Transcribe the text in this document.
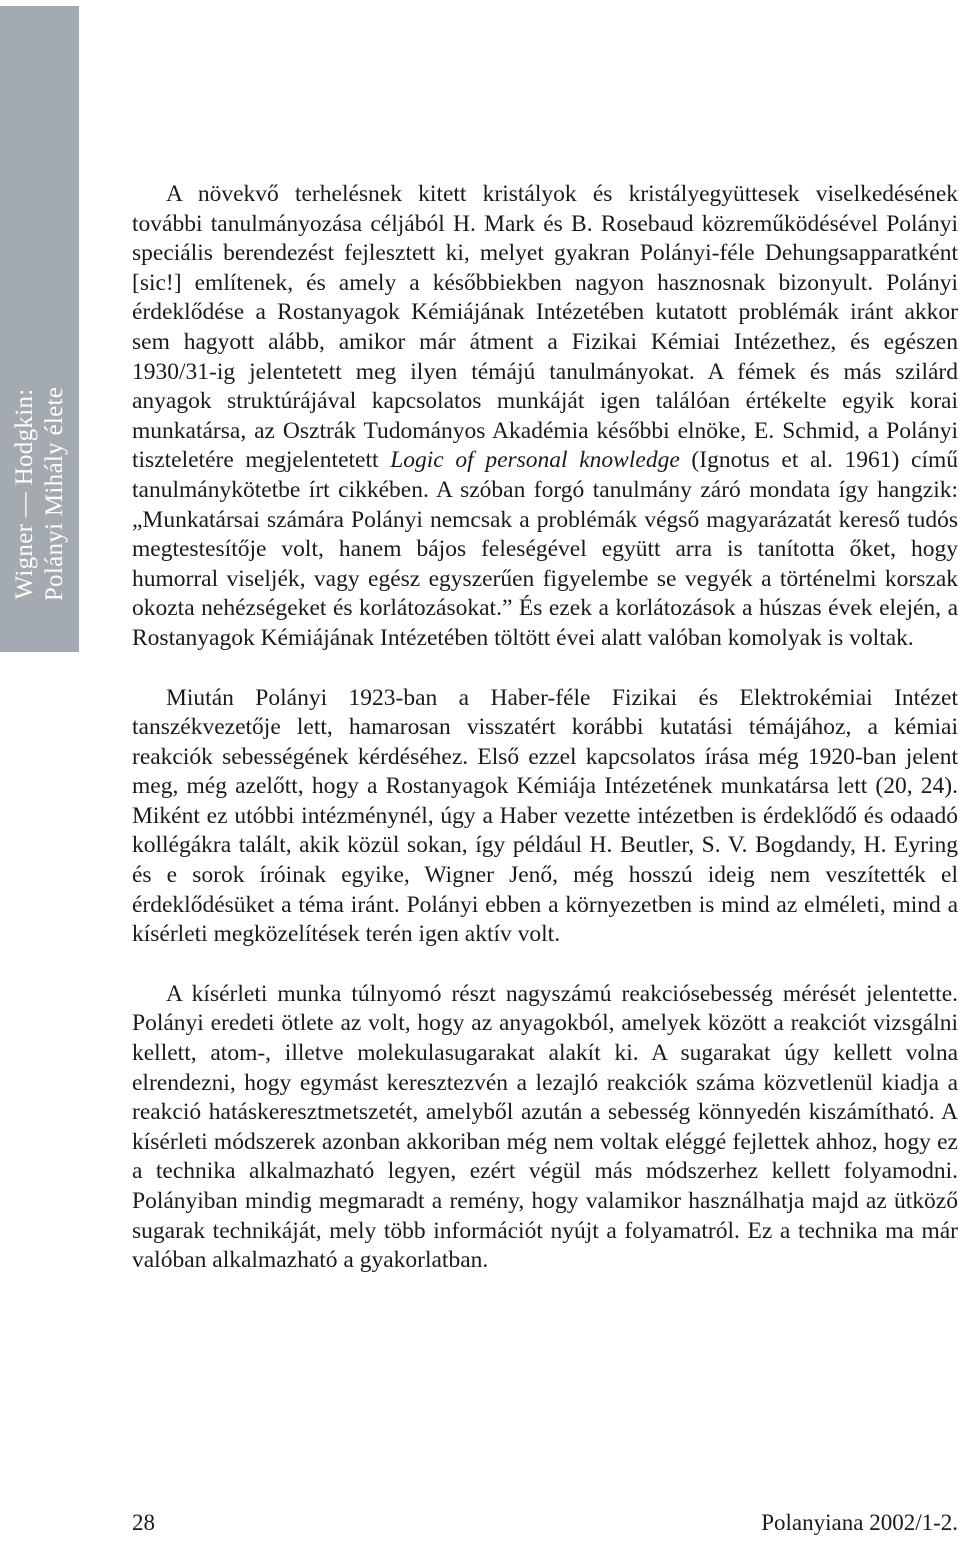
Wigner — Hodgkin: Polányi Mihály élete

A növekvő terhelésnek kitett kristályok és kristályegyüttesek viselkedésének további tanulmányozása céljából H. Mark és B. Rosebaud közreműködésével Polányi speciális berendezést fejlesztett ki, melyet gyakran Polányi-féle Dehungsapparatként [sic!] említenek, és amely a későbbiekben nagyon hasznosnak bizonyult. Polányi érdeklődése a Rostanyagok Kémiájának Intézetében kutatott problémák iránt akkor sem hagyott alább, amikor már átment a Fizikai Kémiai Intézethez, és egészen 1930/31-ig jelentetett meg ilyen témájú tanulmányokat. A fémek és más szilárd anyagok struktúrájával kapcsolatos munkáját igen találóan értékelte egyik korai munkatársa, az Osztrák Tudományos Akadémia későbbi elnöke, E. Schmid, a Polányi tiszteletére megjelentetett Logic of personal knowledge (Ignotus et al. 1961) című tanulmánykötetbe írt cikkében. A szóban forgó tanulmány záró mondata így hangzik: „Munkatársai számára Polányi nemcsak a problémák végső magyarázatát kereső tudós megtestesítője volt, hanem bájos feleségével együtt arra is tanította őket, hogy humorral viseljék, vagy egész egyszerűen figyelembe se vegyék a történelmi korszak okozta nehézségeket és korlátozásokat.” És ezek a korlátozások a húszas évek elején, a Rostanyagok Kémiájának Intézetében töltött évei alatt valóban komolyak is voltak.

Miután Polányi 1923-ban a Haber-féle Fizikai és Elektrokémiai Intézet tanszékvezetője lett, hamarosan visszatért korábbi kutatási témájához, a kémiai reakciók sebességének kérdéséhez. Első ezzel kapcsolatos írása még 1920-ban jelent meg, még azelőtt, hogy a Rostanyagok Kémiája Intézetének munkatársa lett (20, 24). Miként ez utóbbi intézménynél, úgy a Haber vezette intézetben is érdeklődő és odaadó kollégákra talált, akik közül sokan, így például H. Beutler, S. V. Bogdandy, H. Eyring és e sorok íróinak egyike, Wigner Jenő, még hosszú ideig nem veszítették el érdeklődésüket a téma iránt. Polányi ebben a környezetben is mind az elméleti, mind a kísérleti megközelítések terén igen aktív volt.

A kísérleti munka túlnyomó részt nagyszámú reakciósebesség mérését jelentette. Polányi eredeti ötlete az volt, hogy az anyagokból, amelyek között a reakciót vizsgálni kellett, atom-, illetve molekulasugarakat alakít ki. A sugarakat úgy kellett volna elrendezni, hogy egymást keresztezvén a lezajló reakciók száma közvetlenül kiadja a reakció hatáskeresztmetszetét, amelyből azután a sebesség könnyedén kiszámítható. A kísérleti módszerek azonban akkoriban még nem voltak eléggé fejlettek ahhoz, hogy ez a technika alkalmazható legyen, ezért végül más módszerhez kellett folyamodni. Polányiban mindig megmaradt a remény, hogy valamikor használhatja majd az ütköző sugarak technikáját, mely több információt nyújt a folyamatról. Ez a technika ma már valóban alkalmazható a gyakorlatban.

28	Polanyiana 2002/1-2.
